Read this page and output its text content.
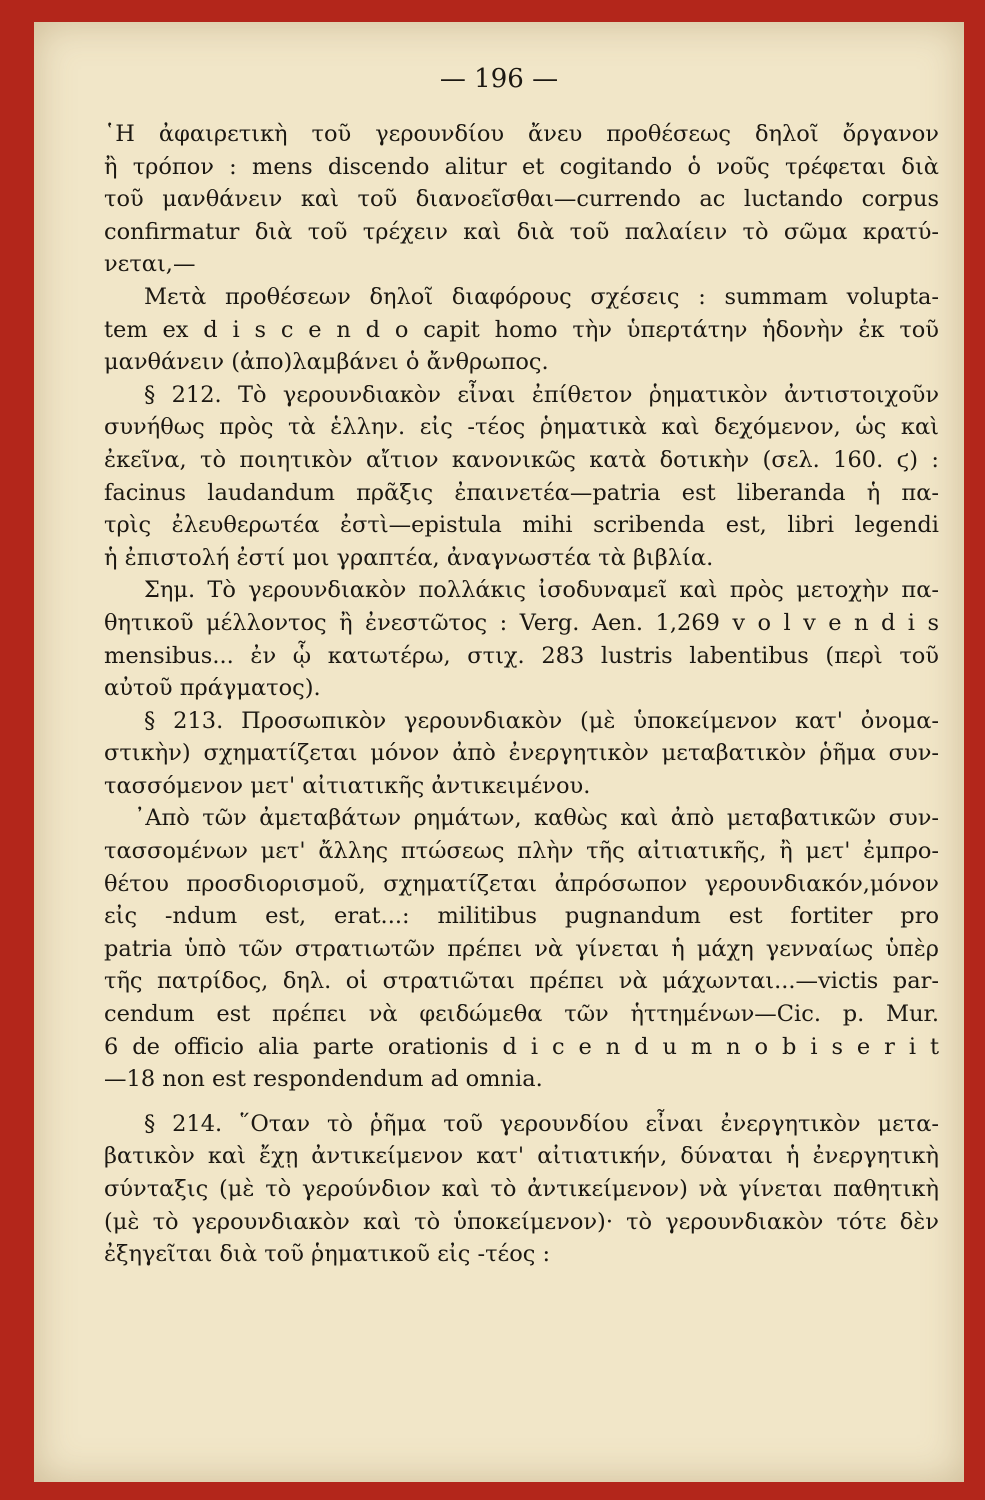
— 196 —
῾Η ἀφαιρετικὴ τοῦ γερουνδίου ἄνευ προθέσεως δηλοῖ ὄργανον
ἢ τρόπον : mens discendo alitur et cogitando ὁ νοῦς τρέφεται διὰ
τοῦ μανθάνειν καὶ τοῦ διανοεῖσθαι—currendo ac luctando corpus
confirmatur διὰ τοῦ τρέχειν καὶ διὰ τοῦ παλαίειν τὸ σῶμα κρατύ-
νεται,—
Μετὰ προθέσεων δηλοῖ διαφόρους σχέσεις : summam volupta-
tem ex d i s c e n d o capit homo τὴν ὑπερτάτην ἡδονὴν ἐκ τοῦ
μανθάνειν (ἀπο)λαμβάνει ὁ ἄνθρωπος.
§ 212. Τὸ γερουνδιακὸν εἶναι ἐπίθετον ῥηματικὸν ἀντιστοιχοῦν
συνήθως πρὸς τὰ ἑλλην. εἰς -τέος ῥηματικὰ καὶ δεχόμενον, ὡς καὶ
ἐκεῖνα, τὸ ποιητικὸν αἴτιον κανονικῶς κατὰ δοτικὴν (σελ. 160. ϛ) :
facinus laudandum πρᾶξις ἐπαινετέα—patria est liberanda ἡ πα-
τρὶς ἐλευθερωτέα ἐστὶ—epistula mihi scribenda est, libri legendi
ἡ ἐπιστολή ἐστί μοι γραπτέα, ἀναγνωστέα τὰ βιβλία.
Σημ. Τὸ γερουνδιακὸν πολλάκις ἰσοδυναμεῖ καὶ πρὸς μετοχὴν πα-
θητικοῦ μέλλοντος ἢ ἐνεστῶτος : Verg. Aen. 1,269 v o l v e n d i s
mensibus... ἐν ᾧ κατωτέρω, στιχ. 283 lustris labentibus (περὶ τοῦ
αὐτοῦ πράγματος).
§ 213. Προσωπικὸν γερουνδιακὸν (μὲ ὑποκείμενον κατ' ὀνομα-
στικὴν) σχηματίζεται μόνον ἀπὸ ἐνεργητικὸν μεταβατικὸν ῥῆμα συν-
τασσόμενον μετ' αἰτιατικῆς ἀντικειμένου.
᾿Απὸ τῶν ἀμεταβάτων ρημάτων, καθὼς καὶ ἀπὸ μεταβατικῶν συν-
τασσομένων μετ' ἄλλης πτώσεως πλὴν τῆς αἰτιατικῆς, ἢ μετ' ἐμπρο-
θέτου προσδιορισμοῦ, σχηματίζεται ἀπρόσωπον γερουνδιακόν,μόνον
εἰς -ndum est, erat...: militibus pugnandum est fortiter pro
patria ὑπὸ τῶν στρατιωτῶν πρέπει νὰ γίνεται ἡ μάχη γενναίως ὑπὲρ
τῆς πατρίδος, δηλ. οἱ στρατιῶται πρέπει νὰ μάχωνται...—victis par-
cendum est πρέπει νὰ φειδώμεθα τῶν ἡττημένων—Cic. p. Mur.
6 de officio alia parte orationis d i c e n d u m n o b i s e r i t
—18 non est respondendum ad omnia.
§ 214. ῞Οταν τὸ ῥῆμα τοῦ γερουνδίου εἶναι ἐνεργητικὸν μετα-
βατικὸν καὶ ἔχῃ ἀντικείμενον κατ' αἰτιατικήν, δύναται ἡ ἐνεργητικὴ
σύνταξις (μὲ τὸ γερούνδιον καὶ τὸ ἀντικείμενον) νὰ γίνεται παθητικὴ
(μὲ τὸ γερουνδιακὸν καὶ τὸ ὑποκείμενον)· τὸ γερουνδιακὸν τότε δὲν
ἐξηγεῖται διὰ τοῦ ῥηματικοῦ εἰς -τέος :
